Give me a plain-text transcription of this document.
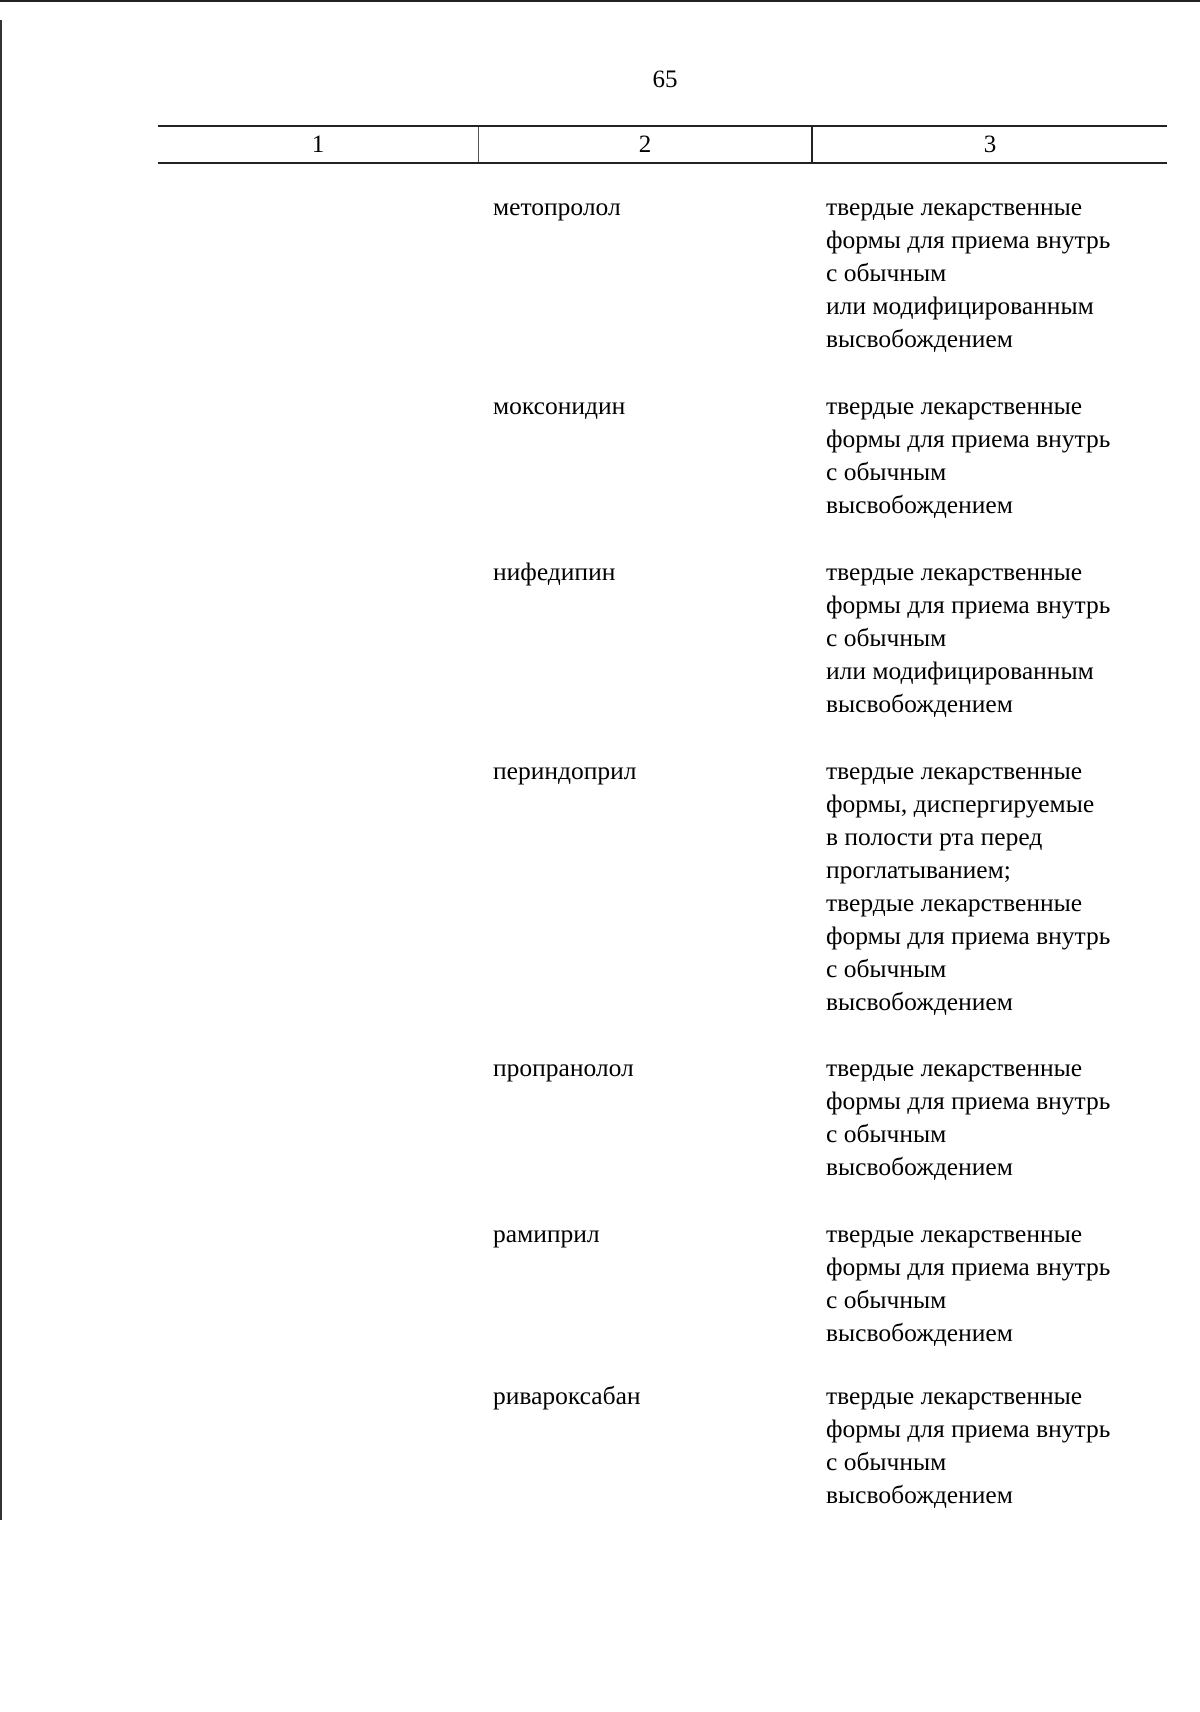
65
1	2	3
метопролол	твердые лекарственные
формы для приема внутрь
с обычным
или модифицированным
высвобождением
моксонидин	твердые лекарственные
формы для приема внутрь
с обычным
высвобождением
нифедипин	твердые лекарственные
формы для приема внутрь
с обычным
или модифицированным
высвобождением
периндоприл	твердые лекарственные
формы, диспергируемые
в полости рта перед
проглатыванием;
твердые лекарственные
формы для приема внутрь
с обычным
высвобождением
пропранолол	твердые лекарственные
формы для приема внутрь
с обычным
высвобождением
рамиприл	твердые лекарственные
формы для приема внутрь
с обычным
высвобождением
ривароксабан	твердые лекарственные
формы для приема внутрь
с обычным
высвобождением
